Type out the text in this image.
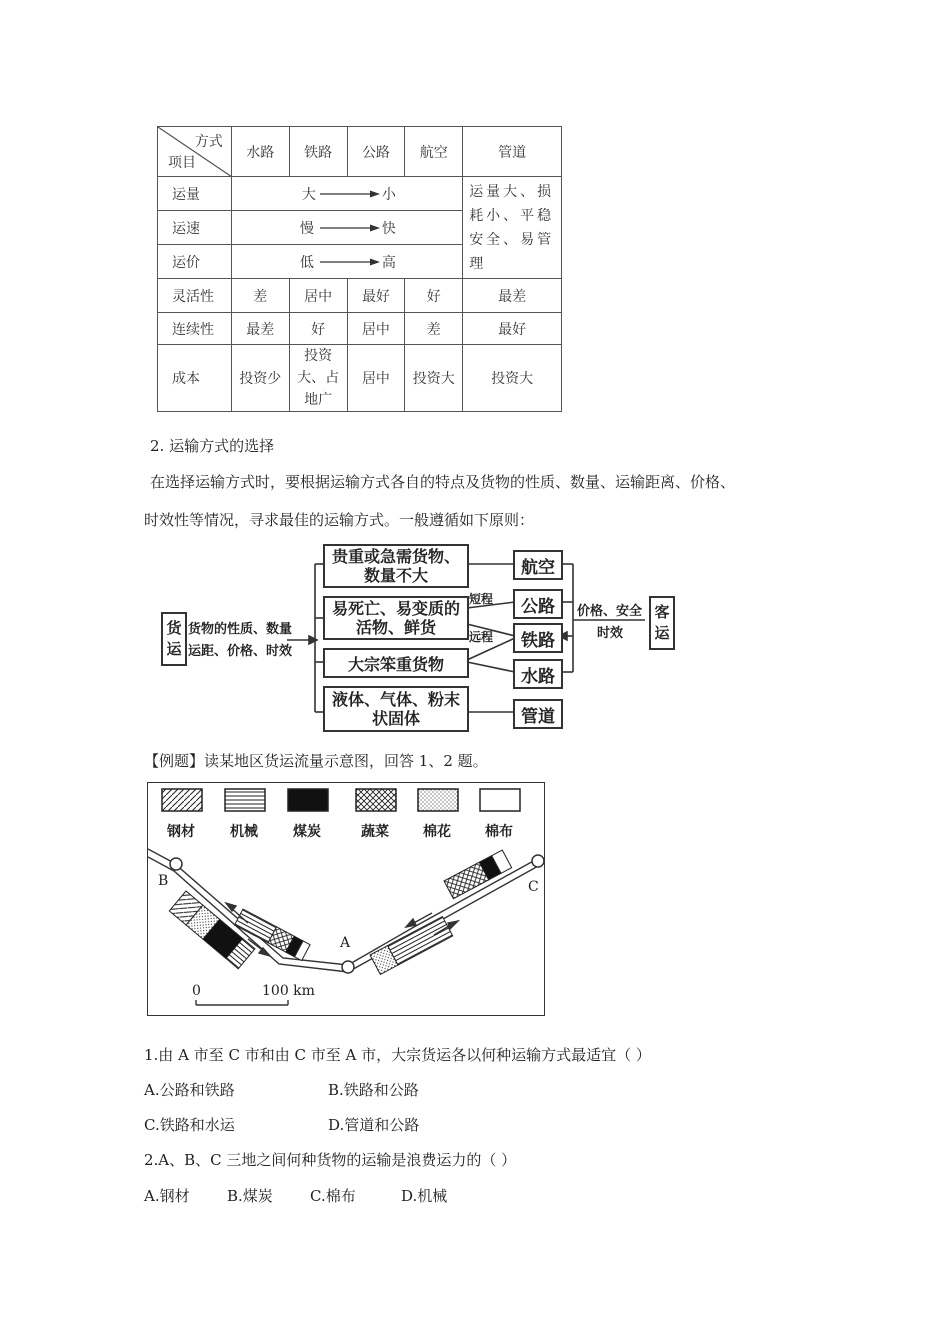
方式
项目	水路	铁路	公路	航空	管道
运量	大 小				运量大、损耗小、平稳安全、易管理
运速	慢 快				

运价	低 高				

灵活性	差	居中	最好	好	最差
连续性	最差	好	居中	差	最好
成本	投资少	投资大、占地广	居中	投资大	投资大
2. 运输方式的选择
在选择运输方式时，要根据运输方式各自的特点及货物的性质、数量、运输距离、价格、
时效性等情况，寻求最佳的运输方式。一般遵循如下原则：
货运
货物的性质、数量
运距、价格、时效
贵重或急需货物、数量不大
易死亡、易变质的活物、鲜货
大宗笨重货物
液体、气体、粉末状固体
短程
远程
航空
公路
铁路
水路
管道
价格、安全
时效
客运
【例题】读某地区货运流量示意图，回答 1、2 题。
钢材	机械	煤炭	蔬菜 棉花 棉布
A
B	C
0	100 km
1.由 A 市至 C 市和由 C 市至 A 市，大宗货运各以何种运输方式最适宜（ ）
A.公路和铁路	B.铁路和公路
C.铁路和水运	D.管道和公路
2.A、B、C 三地之间何种货物的运输是浪费运力的（ ）
A.钢材 B.煤炭 C.棉布	D.机械
